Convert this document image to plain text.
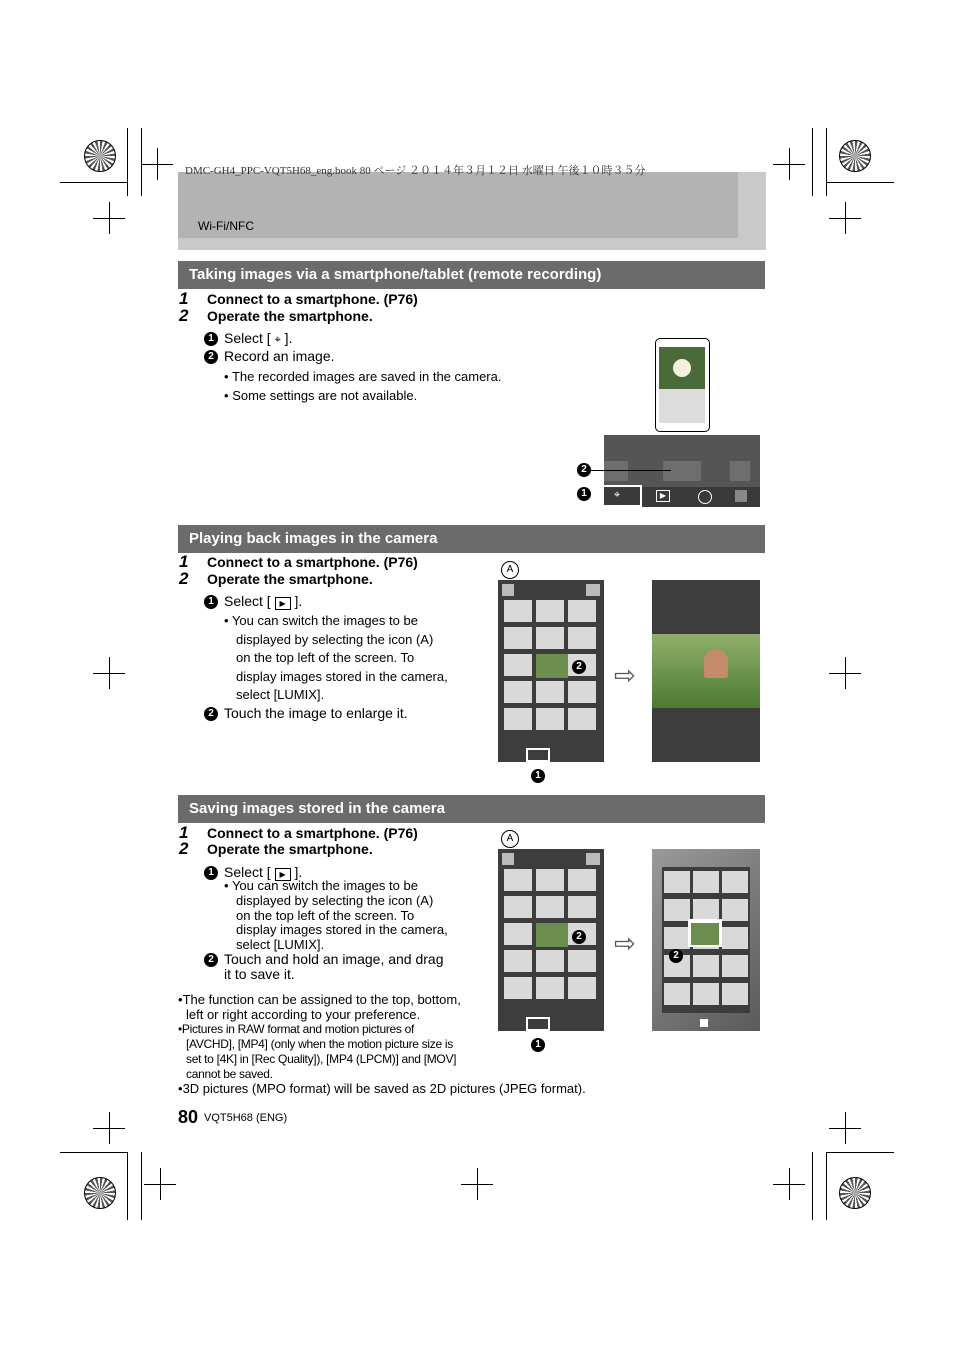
DMC-GH4_PPC-VQT5H68_eng.book 80 ページ ２０１４年３月１２日 水曜日 午後１０時３５分
Wi-Fi/NFC
Taking images via a smartphone/tablet (remote recording)
1 Connect to a smartphone. (P76)
2 Operate the smartphone.
1 Select [ ⌖ ].
2 Record an image.
• The recorded images are saved in the camera.
• Some settings are not available.
⌖	▶
2
1
Playing back images in the camera
1 Connect to a smartphone. (P76)
2 Operate the smartphone.
1 Select [ ▶ ].
• You can switch the images to be
displayed by selecting the icon (A)
on the top left of the screen. To
display images stored in the camera,
select [LUMIX].
2 Touch the image to enlarge it.
A
2
1
⇨
Saving images stored in the camera
1 Connect to a smartphone. (P76)
2 Operate the smartphone.
1 Select [ ▶ ].
• You can switch the images to be
displayed by selecting the icon (A)
on the top left of the screen. To
display images stored in the camera,
select [LUMIX].
2 Touch and hold an image, and drag
it to save it.
A
2
1
⇨	2
•The function can be assigned to the top, bottom,
left or right according to your preference.
•Pictures in RAW format and motion pictures of
[AVCHD], [MP4] (only when the motion picture size is
set to [4K] in [Rec Quality]), [MP4 (LPCM)] and [MOV]
cannot be saved.
•3D pictures (MPO format) will be saved as 2D pictures (JPEG format).
80 VQT5H68 (ENG)
